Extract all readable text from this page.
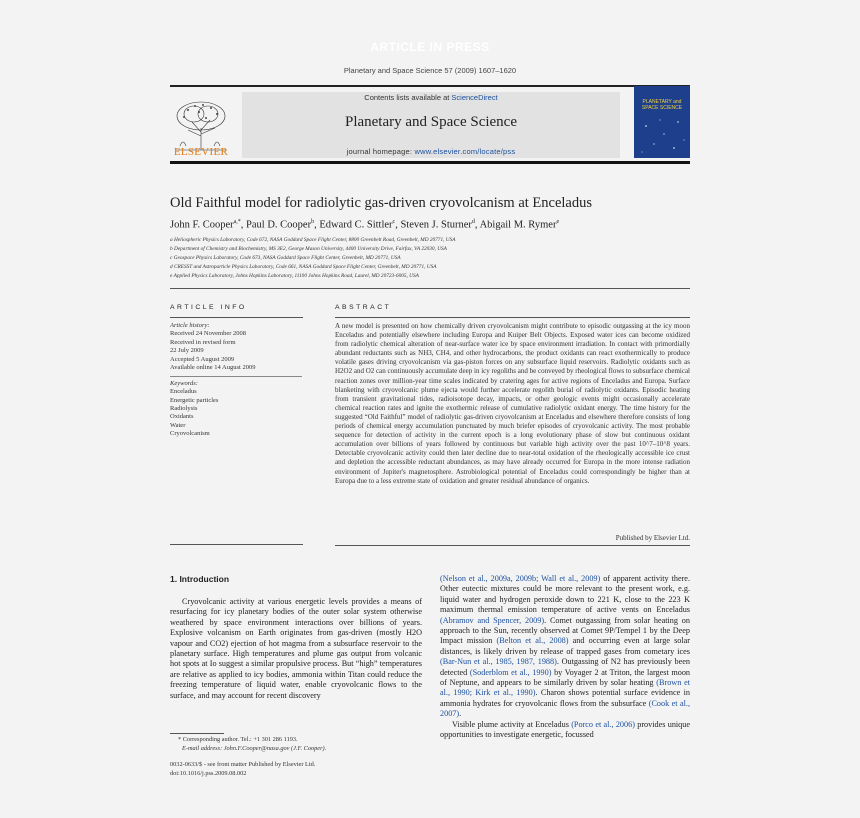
ARTICLE IN PRESS
Planetary and Space Science 57 (2009) 1607–1620
ELSEVIER
Contents lists available at ScienceDirect
Planetary and Space Science
journal homepage: www.elsevier.com/locate/pss
PLANETARY and SPACE SCIENCE
Old Faithful model for radiolytic gas-driven cryovolcanism at Enceladus
John F. Cooper$^{a,*}$, Paul D. Cooper$^b$, Edward C. Sittler$^c$, Steven J. Sturner$^d$, Abigail M. Rymer$^e$
a Heliospheric Physics Laboratory, Code 672, NASA Goddard Space Flight Center, 8800 Greenbelt Road, Greenbelt, MD 20771, USA
b Department of Chemistry and Biochemistry, MS 3E2, George Mason University, 4400 University Drive, Fairfax, VA 22030, USA
c Geospace Physics Laboratory, Code 673, NASA Goddard Space Flight Center, Greenbelt, MD 20771, USA
d CRESST and Astroparticle Physics Laboratory, Code 661, NASA Goddard Space Flight Center, Greenbelt, MD 20771, USA
e Applied Physics Laboratory, Johns Hopkins Laboratory, 11100 Johns Hopkins Road, Laurel, MD 20723-6005, USA
ARTICLE INFO
Article history:
Received 24 November 2008
Received in revised form
22 July 2009
Accepted 5 August 2009
Available online 14 August 2009
Keywords:
Enceladus
Energetic particles
Radiolysis
Oxidants
Water
Cryovolcanism
ABSTRACT
A new model is presented on how chemically driven cryovolcanism might contribute to episodic outgassing at the icy moon Enceladus and potentially elsewhere including Europa and Kuiper Belt Objects. Exposed water ices can become oxidized from radiolytic chemical alteration of near-surface water ice by space environment irradiation. In contact with primordially abundant reductants such as NH3, CH4, and other hydrocarbons, the product oxidants can react exothermically to produce volatile gases driving cryovolcanism via gas-piston forces on any subsurface liquid reservoirs. Radiolytic oxidants such as H2O2 and O2 can continuously accumulate deep in icy regoliths and be conveyed by rheological flows to subsurface chemical reaction zones over million-year time scales indicated by cratering ages for active regions of Enceladus and Europa. Surface blanketing with cryovolcanic plume ejecta would further accelerate regolith burial of radiolytic oxidants. Episodic heating from transient gravitational tides, radioisotope decay, impacts, or other geologic events might occasionally accelerate chemical reaction rates and ignite the exothermic release of cumulative radiolytic oxidant energy. The time history for the suggested “Old Faithful” model of radiolytic gas-driven cryovolcanism at Enceladus and elsewhere therefore consists of long periods of chemical energy accumulation punctuated by much briefer episodes of cryovolcanic activity. The most probable sequence for detection of activity in the current epoch is a long evolutionary phase of slow but continuous oxidant accumulation over billions of years followed by continuous but variable high activity over the past 10^7–10^8 years. Detectable cryovolcanic activity could then later decline due to near-total oxidation of the rheologically accessible ice crust and depletion the accessible reductant abundances, as may have already occurred for Europa in the more intense radiation environment of Jupiter's magnetosphere. Astrobiological potential of Enceladus could correspondingly be higher than at Europa due to a less extreme state of oxidation and greater residual abundance of organics.
Published by Elsevier Ltd.
1. Introduction
Cryovolcanic activity at various energetic levels provides a means of resurfacing for icy planetary bodies of the outer solar system otherwise weathered by space environment interactions over billions of years. Explosive volcanism on Earth originates from gas-driven (mostly H2O vapour and CO2) ejection of hot magma from a subsurface reservoir to the planetary surface. High temperatures and plume gas output from volcanic hot spots at Io suggest a similar propulsive process. But “high” temperatures are relative as applied to icy bodies, ammonia within Titan could reduce the freezing temperature of liquid water, enable cryovolcanic flows to the surface, and may account for recent discovery
(Nelson et al., 2009a, 2009b; Wall et al., 2009) of apparent activity there. Other eutectic mixtures could be more relevant to the present work, e.g. liquid water and hydrogen peroxide down to 221 K, close to the 223 K maximum thermal emission temperature of active vents on Enceladus (Abramov and Spencer, 2009). Comet outgassing from solar heating on approach to the Sun, recently observed at Comet 9P/Tempel 1 by the Deep Impact mission (Belton et al., 2008) and occurring even at large solar distances, is likely driven by release of trapped gases from cometary ices (Bar-Nun et al., 1985, 1987, 1988). Outgassing of N2 has previously been detected (Soderblom et al., 1990) by Voyager 2 at Triton, the largest moon of Neptune, and appears to be similarly driven by solar heating (Brown et al., 1990; Kirk et al., 1990). Charon shows potential surface evidence in ammonia hydrates for cryovolcanic flows from the subsurface (Cook et al., 2007).
Visible plume activity at Enceladus (Porco et al., 2006) provides unique opportunities to investigate energetic, focussed
* Corresponding author. Tel.: +1 301 286 1193.
E-mail address: John.F.Cooper@nasa.gov (J.F. Cooper).
0032-0633/$ - see front matter Published by Elsevier Ltd.
doi:10.1016/j.pss.2009.08.002
